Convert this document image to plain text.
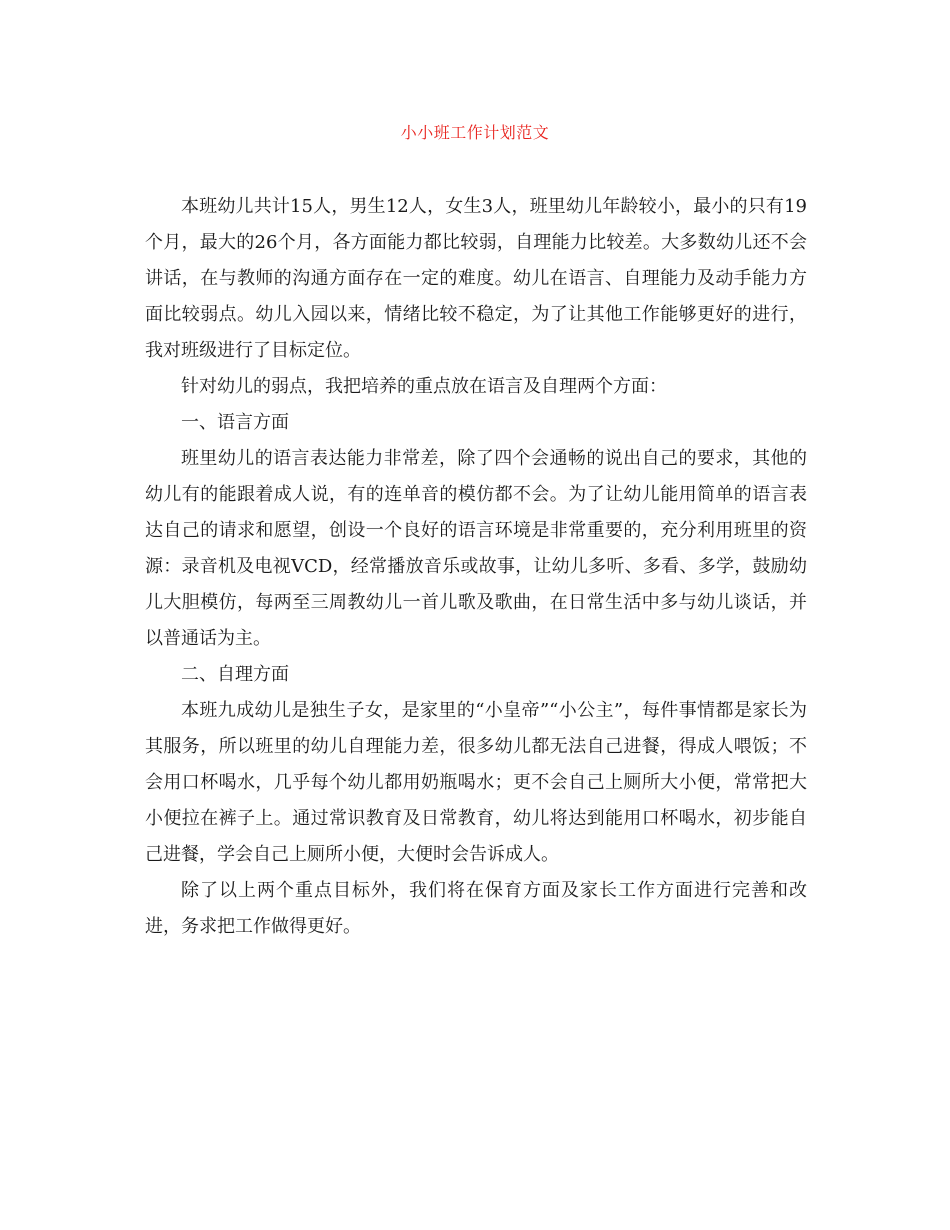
小小班工作计划范文

本班幼儿共计15人，男生12人，女生3人，班里幼儿年龄较小，最小的只有19个月，最大的26个月，各方面能力都比较弱，自理能力比较差。大多数幼儿还不会讲话，在与教师的沟通方面存在一定的难度。幼儿在语言、自理能力及动手能力方面比较弱点。幼儿入园以来，情绪比较不稳定，为了让其他工作能够更好的进行，我对班级进行了目标定位。

针对幼儿的弱点，我把培养的重点放在语言及自理两个方面：

一、语言方面

班里幼儿的语言表达能力非常差，除了四个会通畅的说出自己的要求，其他的幼儿有的能跟着成人说，有的连单音的模仿都不会。为了让幼儿能用简单的语言表达自己的请求和愿望，创设一个良好的语言环境是非常重要的，充分利用班里的资源：录音机及电视VCD，经常播放音乐或故事，让幼儿多听、多看、多学，鼓励幼儿大胆模仿，每两至三周教幼儿一首儿歌及歌曲，在日常生活中多与幼儿谈话，并以普通话为主。

二、自理方面

本班九成幼儿是独生子女，是家里的“小皇帝”“小公主”，每件事情都是家长为其服务，所以班里的幼儿自理能力差，很多幼儿都无法自己进餐，得成人喂饭；不会用口杯喝水，几乎每个幼儿都用奶瓶喝水；更不会自己上厕所大小便，常常把大小便拉在裤子上。通过常识教育及日常教育，幼儿将达到能用口杯喝水，初步能自己进餐，学会自己上厕所小便，大便时会告诉成人。

除了以上两个重点目标外，我们将在保育方面及家长工作方面进行完善和改进，务求把工作做得更好。
